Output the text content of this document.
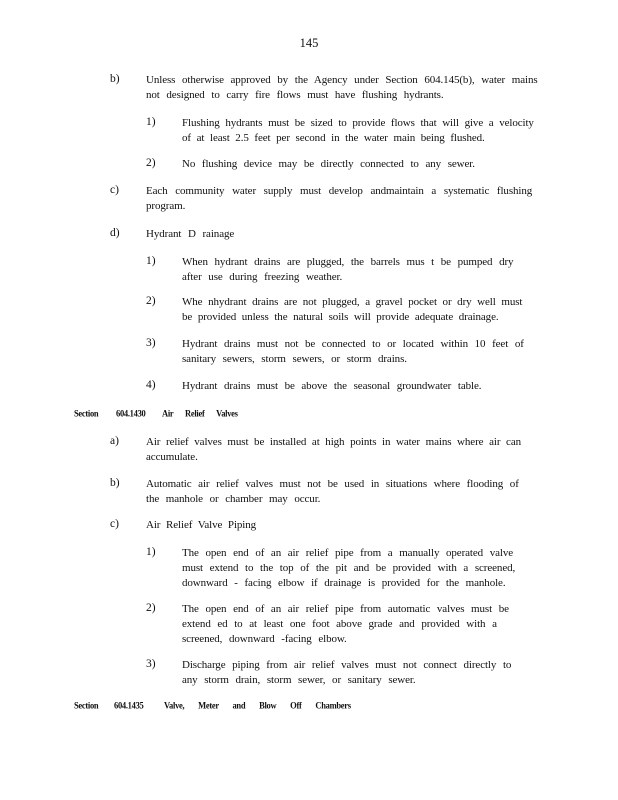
145
b) Unless otherwise approved by the Agency under Section 604.145(b), water mains not designed to carry fire flows must have flushing hydrants.
1) Flushing hydrants must be sized to provide flows that will give a velocity of at least 2.5 feet per second in the water main being flushed.
2) No flushing device may be directly connected to any sewer.
c) Each community water supply must develop andmaintain a systematic flushing program.
d) Hydrant D rainage
1) When hydrant drains are plugged, the barrels mus t be pumped dry after use during freezing weather.
2) Whe nhydrant drains are not plugged, a gravel pocket or dry well must be provided unless the natural soils will provide adequate drainage.
3) Hydrant drains must not be connected to or located within 10 feet of sanitary sewers, storm sewers, or storm drains.
4) Hydrant drains must be above the seasonal groundwater table.
Section 604.1430 Air Relief Valves
a) Air relief valves must be installed at high points in water mains where air can accumulate.
b) Automatic air relief valves must not be used in situations where flooding of the manhole or chamber may occur.
c) Air Relief Valve Piping
1) The open end of an air relief pipe from a manually operated valve must extend to the top of the pit and be provided with a screened, downward - facing elbow if drainage is provided for the manhole.
2) The open end of an air relief pipe from automatic valves must be extend ed to at least one foot above grade and provided with a screened, downward -facing elbow.
3) Discharge piping from air relief valves must not connect directly to any storm drain, storm sewer, or sanitary sewer.
Section 604.1435 Valve, Meter and Blow Off Chambers
